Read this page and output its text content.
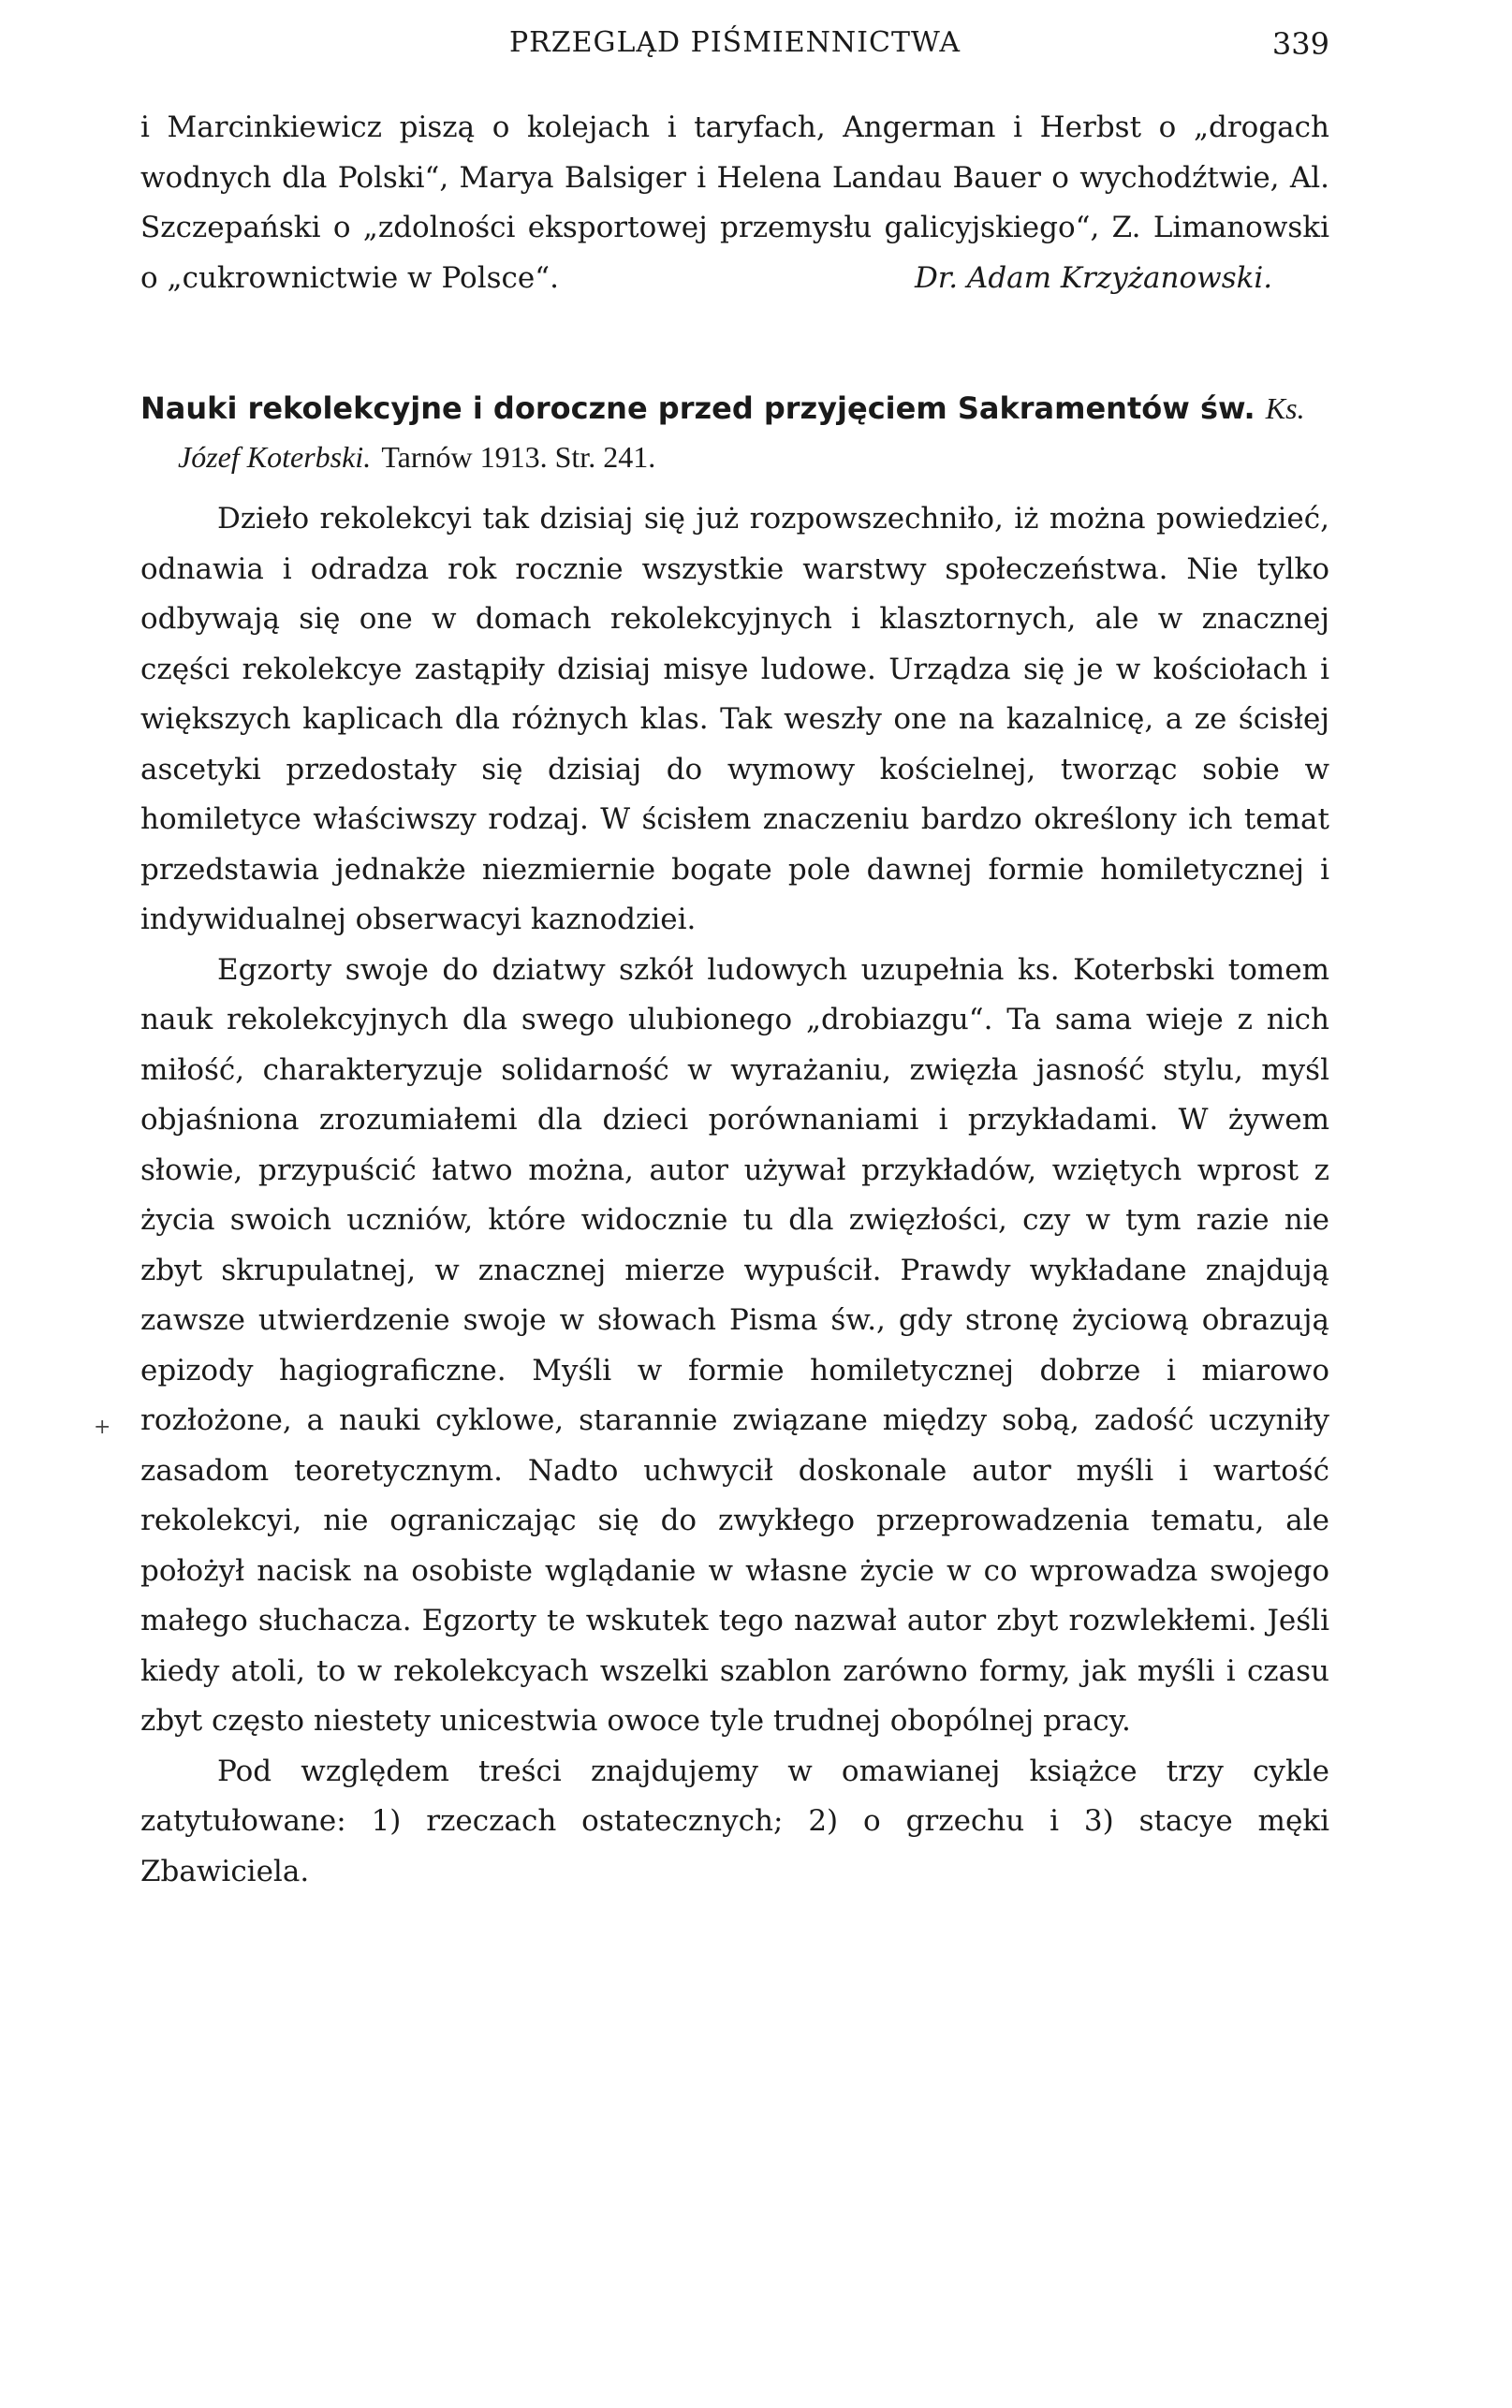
PRZEGLĄD PIŚMIENNICTWA	339

i Marcinkiewicz piszą o kolejach i taryfach, Angerman i Herbst o „drogach wodnych dla Polski“, Marya Balsiger i Helena Landau Bauer o wychodźtwie, Al. Szczepański o „zdolności eksportowej przemysłu galicyjskiego“, Z. Limanowski o „cukrownictwie w Polsce“.	Dr. Adam Krzyżanowski.

Nauki rekolekcyjne i doroczne przed przyjęciem Sakramentów św. Ks. Józef Koterbski. Tarnów 1913. Str. 241.

Dzieło rekolekcyi tak dzisiaj się już rozpowszechniło, iż można powiedzieć, odnawia i odradza rok rocznie wszystkie warstwy społeczeństwa. Nie tylko odbywają się one w domach rekolekcyjnych i klasztornych, ale w znacznej części rekolekcye zastąpiły dzisiaj misye ludowe. Urządza się je w kościołach i większych kaplicach dla różnych klas. Tak weszły one na kazalnicę, a ze ścisłej ascetyki przedostały się dzisiaj do wymowy kościelnej, tworząc sobie w homiletyce właściwszy rodzaj. W ścisłem znaczeniu bardzo określony ich temat przedstawia jednakże niezmiernie bogate pole dawnej formie homiletycznej i indywidualnej obserwacyi kaznodziei.

Egzorty swoje do dziatwy szkół ludowych uzupełnia ks. Koterbski tomem nauk rekolekcyjnych dla swego ulubionego „drobiazgu“. Ta sama wieje z nich miłość, charakteryzuje solidarność w wyrażaniu, zwięzła jasność stylu, myśl objaśniona zrozumiałemi dla dzieci porównaniami i przykładami. W żywem słowie, przypuścić łatwo można, autor używał przykładów, wziętych wprost z życia swoich uczniów, które widocznie tu dla zwięzłości, czy w tym razie nie zbyt skrupulatnej, w znacznej mierze wypuścił. Prawdy wykładane znajdują zawsze utwierdzenie swoje w słowach Pisma św., gdy stronę życiową obrazują epizody hagiograficzne. Myśli w formie homiletycznej dobrze i miarowo rozłożone, a nauki cyklowe, starannie związane między sobą, zadość uczyniły zasadom teoretycznym. Nadto uchwycił doskonale autor myśli i wartość rekolekcyi, nie ograniczając się do zwykłego przeprowadzenia tematu, ale położył nacisk na osobiste wglądanie w własne życie w co wprowadza swojego małego słuchacza. Egzorty te wskutek tego nazwał autor zbyt rozwlekłemi. Jeśli kiedy atoli, to w rekolekcyach wszelki szablon zarówno formy, jak myśli i czasu zbyt często niestety unicestwia owoce tyle trudnej obopólnej pracy.

Pod względem treści znajdujemy w omawianej książce trzy cykle zatytułowane: 1) rzeczach ostatecznych; 2) o grzechu i 3) stacye męki Zbawiciela.

+
